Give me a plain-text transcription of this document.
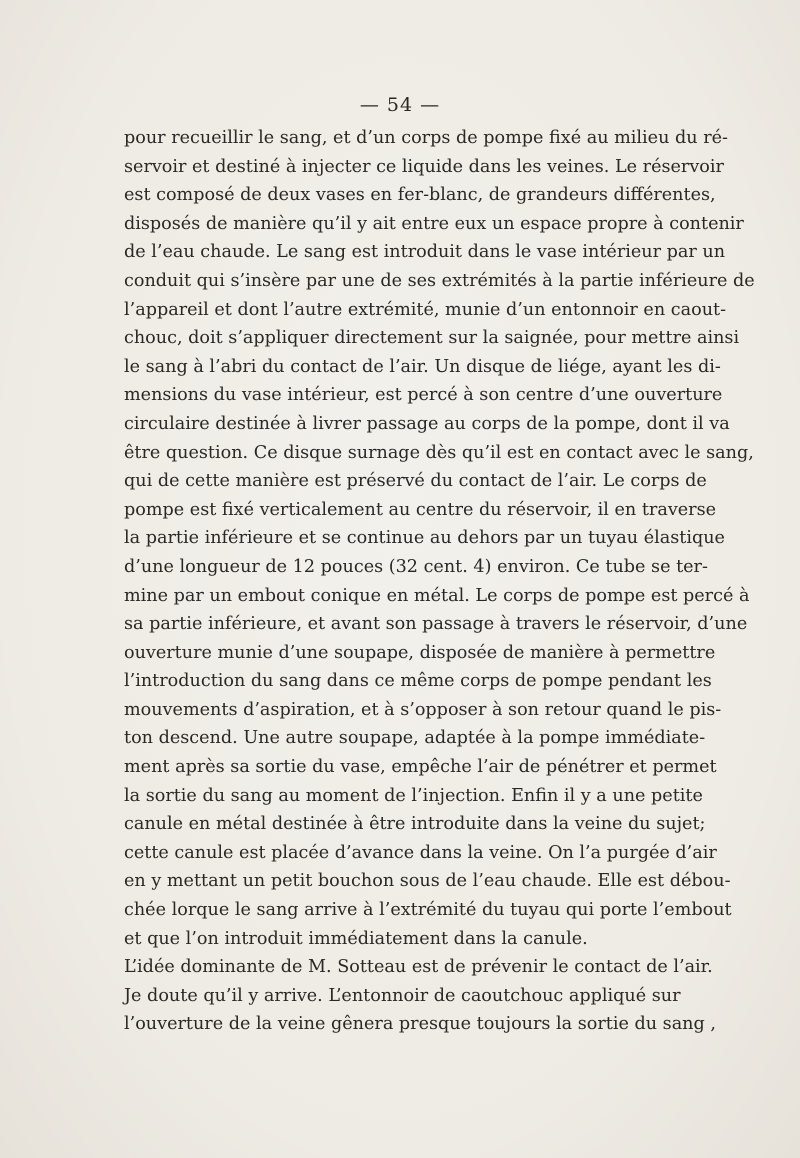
— 54 —
pour recueillir le sang, et d’un corps de pompe fixé au milieu du ré-
servoir et destiné à injecter ce liquide dans les veines. Le réservoir
est composé de deux vases en fer-blanc, de grandeurs différentes,
disposés de manière qu’il y ait entre eux un espace propre à contenir
de l’eau chaude. Le sang est introduit dans le vase intérieur par un
conduit qui s’insère par une de ses extrémités à la partie inférieure de
l’appareil et dont l’autre extrémité, munie d’un entonnoir en caout-
chouc, doit s’appliquer directement sur la saignée, pour mettre ainsi
le sang à l’abri du contact de l’air. Un disque de liége, ayant les di-
mensions du vase intérieur, est percé à son centre d’une ouverture
circulaire destinée à livrer passage au corps de la pompe, dont il va
être question. Ce disque surnage dès qu’il est en contact avec le sang,
qui de cette manière est préservé du contact de l’air. Le corps de
pompe est fixé verticalement au centre du réservoir, il en traverse
la partie inférieure et se continue au dehors par un tuyau élastique
d’une longueur de 12 pouces (32 cent. 4) environ. Ce tube se ter-
mine par un embout conique en métal. Le corps de pompe est percé à
sa partie inférieure, et avant son passage à travers le réservoir, d’une
ouverture munie d’une soupape, disposée de manière à permettre
l’introduction du sang dans ce même corps de pompe pendant les
mouvements d’aspiration, et à s’opposer à son retour quand le pis-
ton descend. Une autre soupape, adaptée à la pompe immédiate-
ment après sa sortie du vase, empêche l’air de pénétrer et permet
la sortie du sang au moment de l’injection. Enfin il y a une petite
canule en métal destinée à être introduite dans la veine du sujet;
cette canule est placée d’avance dans la veine. On l’a purgée d’air
en y mettant un petit bouchon sous de l’eau chaude. Elle est débou-
chée lorque le sang arrive à l’extrémité du tuyau qui porte l’embout
et que l’on introduit immédiatement dans la canule.
L’idée dominante de M. Sotteau est de prévenir le contact de l’air.
Je doute qu’il y arrive. L’entonnoir de caoutchouc appliqué sur
l’ouverture de la veine gênera presque toujours la sortie du sang ,
